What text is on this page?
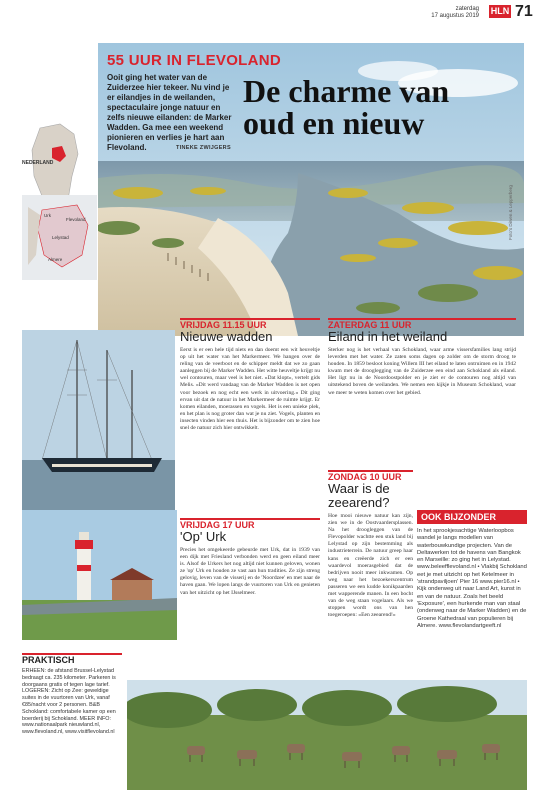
zaterdag
17 augustus 2019 HLN 71
55 UUR IN FLEVOLAND
Ooit ging het water van de Zuiderzee hier tekeer. Nu vind je er eilandjes in de weilanden, spectaculaire jonge natuur en zelfs nieuwe eilanden: de Marker Wadden. Ga mee een weekend pionieren en verlies je hart aan Flevoland.	TINEKE ZWIJGERS
De charme van
oud en nieuw
Foto's Dirven & Lepperberg
NEDERLAND
Flevoland
Lelystad
Urk
Almere
VRIJDAG 11.15 UUR
Nieuwe wadden
Eerst is er een hele tijd niets en dan doemt een wit heuveltje op uit het water van het Markermeer. We hangen over de reling van de veerboot en de schipper meldt dat we zo gaan aanleggen bij de Marker Wadden. Het witte heuveltje krijgt nu wel contouren, maar veel is het niet. «Dat klopt», vertelt gids Melis. «Dit werd vandaag van de Marker Wadden is net open voor bezoek en nog echt een werk in uitvoering.» Dit ging ervan uit dat de natuur in het Markermeer de ruimte krijgt. Er komen eilanden, moerassen en vogels. Het is een unieke plek, en het plan is nog groter dan wat je nu ziet. Vogels, planten en insecten vinden hier een thuis. Het is bijzonder om te zien hoe snel de natuur zich hier ontwikkelt.
ZATERDAG 11 UUR
Eiland in het weiland
Sterker nog is het verhaal van Schokland, waar arme vissersfamilies lang strijd leverden met het water. Ze zaten soms dagen op zolder om de storm droog te houden. In 1859 besloot koning Willem III het eiland te laten ontruimen en in 1942 kwam met de drooglegging van de Zuiderzee een eind aan Schokland als eiland. Het ligt nu in de Noordoostpolder en je ziet er de contouren nog altijd van uitstekend boven de weilanden. We nemen een kijkje in Museum Schokland, waar we meer te weten komen over het gebied.
ZONDAG 10 UUR
Waar is de zeearend?
Hoe mooi nieuwe natuur kan zijn, zien we in de Oostvaardersplassen. Na het droogleggen van de Flevopolder wachtte een stuk land bij Lelystad op zijn bestemming als industrieterrein. De natuur greep haar kans en creëerde zich er een waardevol moerasgebied dat de bedrijven nooit meer inkwamen. Op weg naar het bezoekerscentrum passeren we een kudde konikpaarden met wapperende manen. In een bocht van de weg staan vogelaars. Als we stoppen wordt ons van hen toegeroepen: «Een zeearend!»
VRIJDAG 17 UUR
'Op' Urk
Precies het omgekeerde gebeurde met Urk, dat in 1939 van een dijk met Friesland verbonden werd en geen eiland meer is. Alsof de Urkers het nog altijd niet kunnen geloven, wonen ze 'op' Urk en houden ze vast aan hun tradities. Ze zijn streng gelovig, leven van de visserij en de 'Noordzee' en met naar de haven gaan. We lopen langs de vuurtoren van Urk en genieten van het uitzicht op het IJsselmeer.
OOK BIJZONDER
In het sprookjesachtige Waterloopbos wandel je langs modellen van waterbouwkundige projecten. Van de Deltawerken tot de havens van Bangkok en Marseille: zo ging het in Lelystad. www.beleefflevoland.nl • Vlakbij Schokland eet je met uitzicht op het Ketelmeer in 'strandpaviljoen' Pier 16 www.pier16.nl • Kijk onderweg uit naar Land Art, kunst in en van de natuur. Zoals het beeld 'Exposure', een hurkende man van staal (onderweg naar de Marker Wadden) en de Groene Kathedraal van populieren bij Almere. www.flevolandartgeeft.nl
PRAKTISCH
ERHEEN: de afstand Brussel-Lelystad bedraagt ca. 235 kilometer. Parkeren is doorgaans gratis of tegen lage tarief. LOGEREN: Zicht op Zee: geweldige suites in de vuurtoren van Urk, vanaf €85/nacht voor 2 personen. B&B Schokland: comfortabele kamer op een boerderij bij Schokland. MEER INFO: www.nationaalpark nieuwland.nl, www.flevoland.nl, www.visitflevoland.nl
